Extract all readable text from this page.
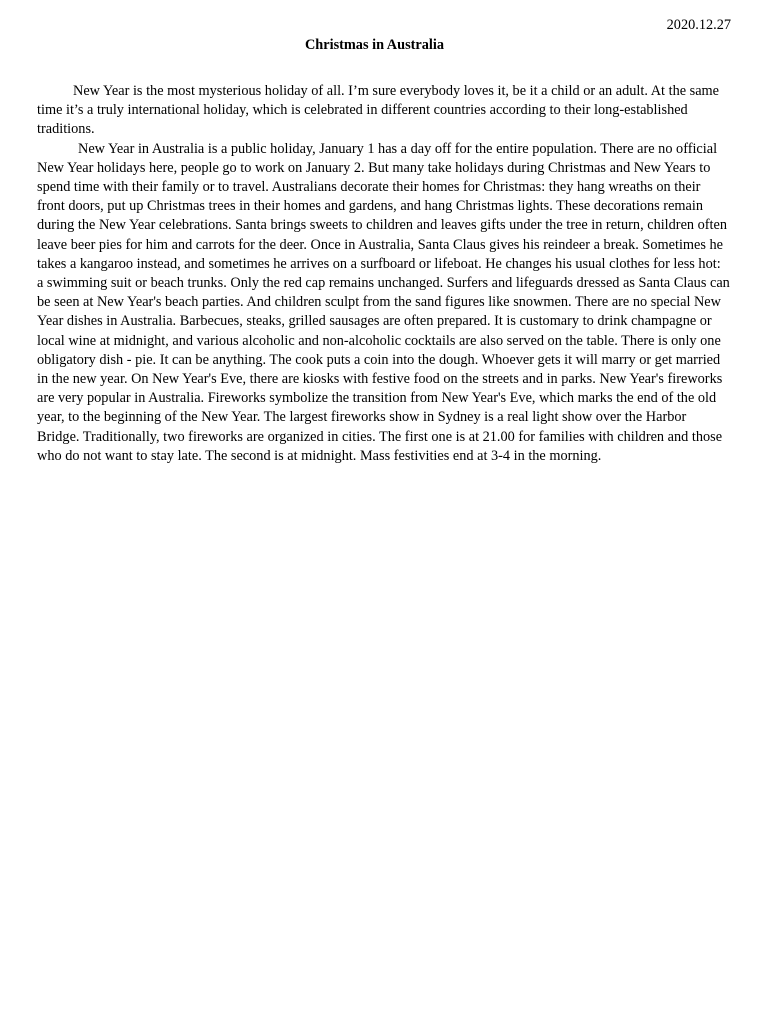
2020.12.27
Christmas in Australia

New Year is the most mysterious holiday of all. I’m sure everybody loves it, be it a child or an adult. At the same time it’s a truly international holiday, which is celebrated in different countries according to their long-established traditions.

New Year in Australia is a public holiday, January 1 has a day off for the entire population. There are no official New Year holidays here, people go to work on January 2. But many take holidays during Christmas and New Years to spend time with their family or to travel. Australians decorate their homes for Christmas: they hang wreaths on their front doors, put up Christmas trees in their homes and gardens, and hang Christmas lights. These decorations remain during the New Year celebrations. Santa brings sweets to children and leaves gifts under the tree in return, children often leave beer pies for him and carrots for the deer. Once in Australia, Santa Claus gives his reindeer a break. Sometimes he takes a kangaroo instead, and sometimes he arrives on a surfboard or lifeboat. He changes his usual clothes for less hot: a swimming suit or beach trunks. Only the red cap remains unchanged. Surfers and lifeguards dressed as Santa Claus can be seen at New Year's beach parties. And children sculpt from the sand figures like snowmen. There are no special New Year dishes in Australia. Barbecues, steaks, grilled sausages are often prepared. It is customary to drink champagne or local wine at midnight, and various alcoholic and non-alcoholic cocktails are also served on the table. There is only one obligatory dish - pie. It can be anything. The cook puts a coin into the dough. Whoever gets it will marry or get married in the new year. On New Year's Eve, there are kiosks with festive food on the streets and in parks. New Year's fireworks are very popular in Australia. Fireworks symbolize the transition from New Year's Eve, which marks the end of the old year, to the beginning of the New Year. The largest fireworks show in Sydney is a real light show over the Harbor Bridge. Traditionally, two fireworks are organized in cities. The first one is at 21.00 for families with children and those who do not want to stay late. The second is at midnight. Mass festivities end at 3-4 in the morning.
